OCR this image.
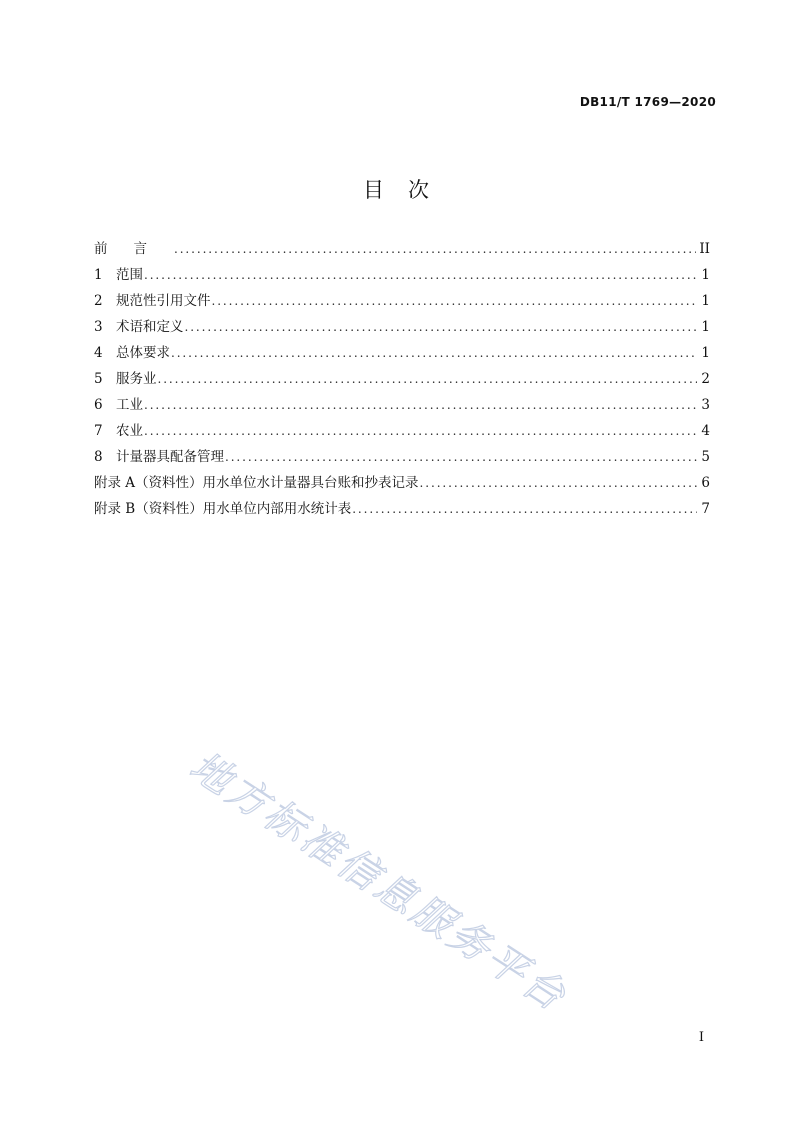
DB11/T 1769—2020
目 次
前言 .....	II
1 范围 .....	1
2 规范性引用文件 .....	1
3 术语和定义 .....	1
4 总体要求 .....	1
5 服务业 .....	2
6 工业 .....	3
7 农业 .....	4
8 计量器具配备管理 .....	5
附录 A（资料性）用水单位水计量器具台账和抄表记录 .....	6
附录 B（资料性）用水单位内部用水统计表 .....	7
地方标准信息服务平台
I
